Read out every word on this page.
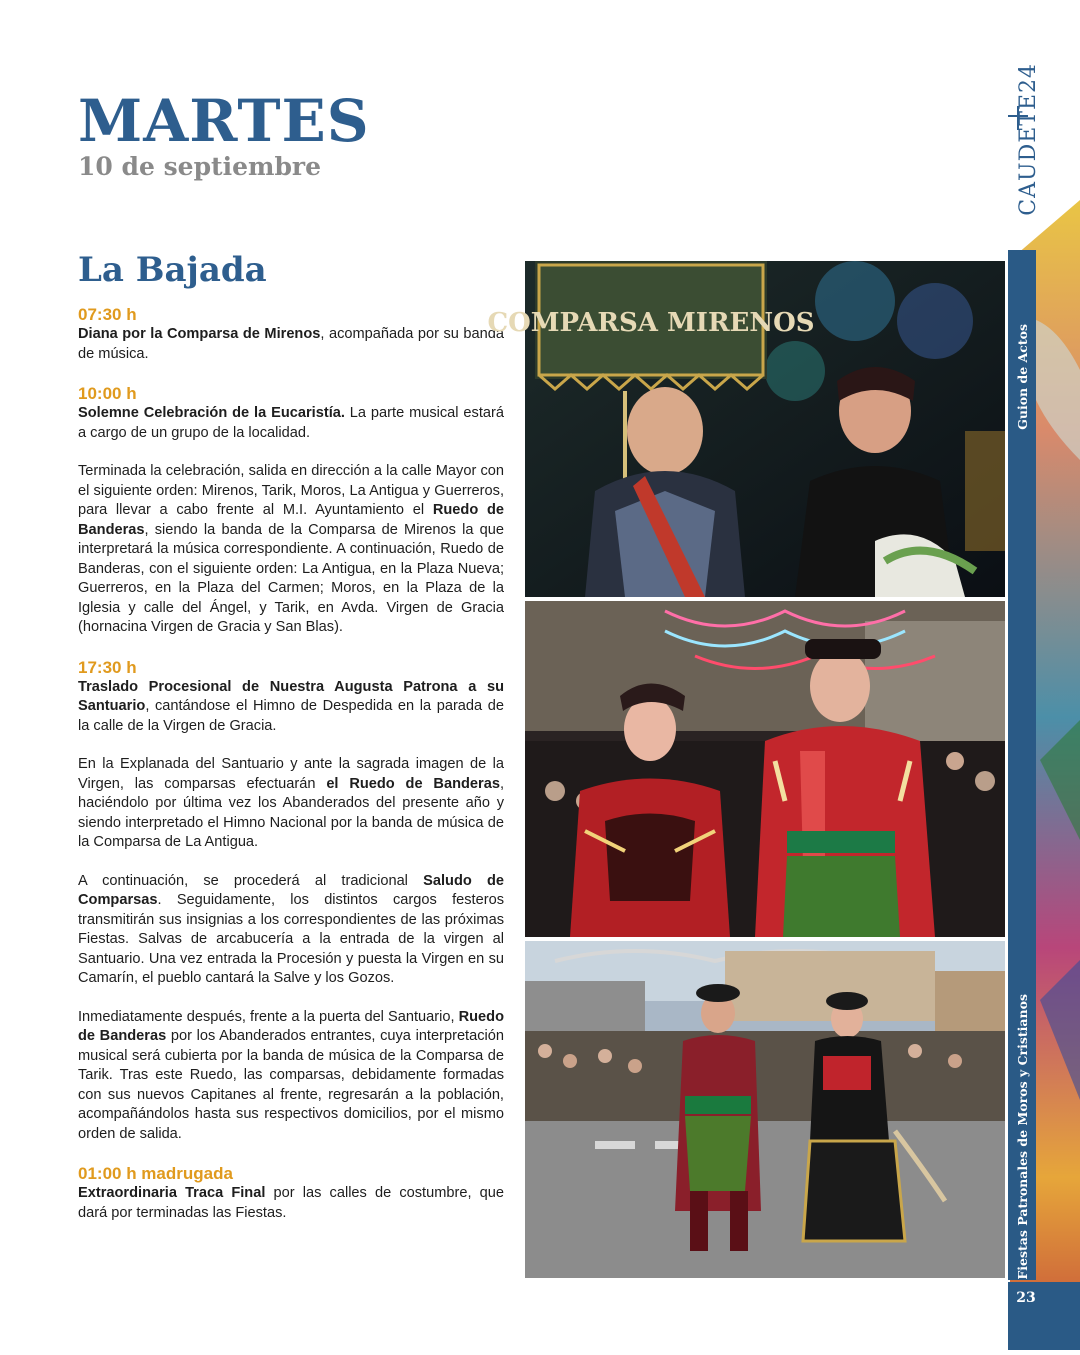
MARTES
10 de septiembre	CAUDETE24
La Bajada
07:30 h

Diana por la Comparsa de Mirenos, acompañada por su banda de música.

10:00 h

Solemne Celebración de la Eucaristía. La parte musical estará a cargo de un grupo de la localidad.

Terminada la celebración, salida en dirección a la calle Mayor con el siguiente orden: Mirenos, Tarik, Moros, La Antigua y Guerreros, para llevar a cabo frente al M.I. Ayuntamiento el Ruedo de Banderas, siendo la banda de la Comparsa de Mirenos la que interpretará la música correspondiente. A continuación, Ruedo de Banderas, con el siguiente orden: La Antigua, en la Plaza Nueva; Guerreros, en la Plaza del Carmen; Moros, en la Plaza de la Iglesia y calle del Ángel, y Tarik, en Avda. Virgen de Gracia (hornacina Virgen de Gracia y San Blas).

17:30 h

Traslado Procesional de Nuestra Augusta Patrona a su Santuario, cantándose el Himno de Despedida en la parada de la calle de la Virgen de Gracia.

En la Explanada del Santuario y ante la sagrada imagen de la Virgen, las comparsas efectuarán el Ruedo de Banderas, haciéndolo por última vez los Abanderados del presente año y siendo interpretado el Himno Nacional por la banda de música de la Comparsa de La Antigua.

A continuación, se procederá al tradicional Saludo de Comparsas. Seguidamente, los distintos cargos festeros transmitirán sus insignias a los correspondientes de las próximas Fiestas. Salvas de arcabucería a la entrada de la virgen al Santuario. Una vez entrada la Procesión y puesta la Virgen en su Camarín, el pueblo cantará la Salve y los Gozos.

Inmediatamente después, frente a la puerta del Santuario, Ruedo de Banderas por los Abanderados entrantes, cuya interpretación musical será cubierta por la banda de música de la Comparsa de Tarik. Tras este Ruedo, las comparsas, debidamente formadas con sus nuevos Capitanes al frente, regresarán a la población, acompañándolos hasta sus respectivos domicilios, por el mismo orden de salida.

01:00 h madrugada

Extraordinaria Traca Final por las calles de costumbre, que dará por terminadas las Fiestas.

COMPARSA MIRENOS
Guion de Actos
Fiestas Patronales de Moros y Cristianos
23
